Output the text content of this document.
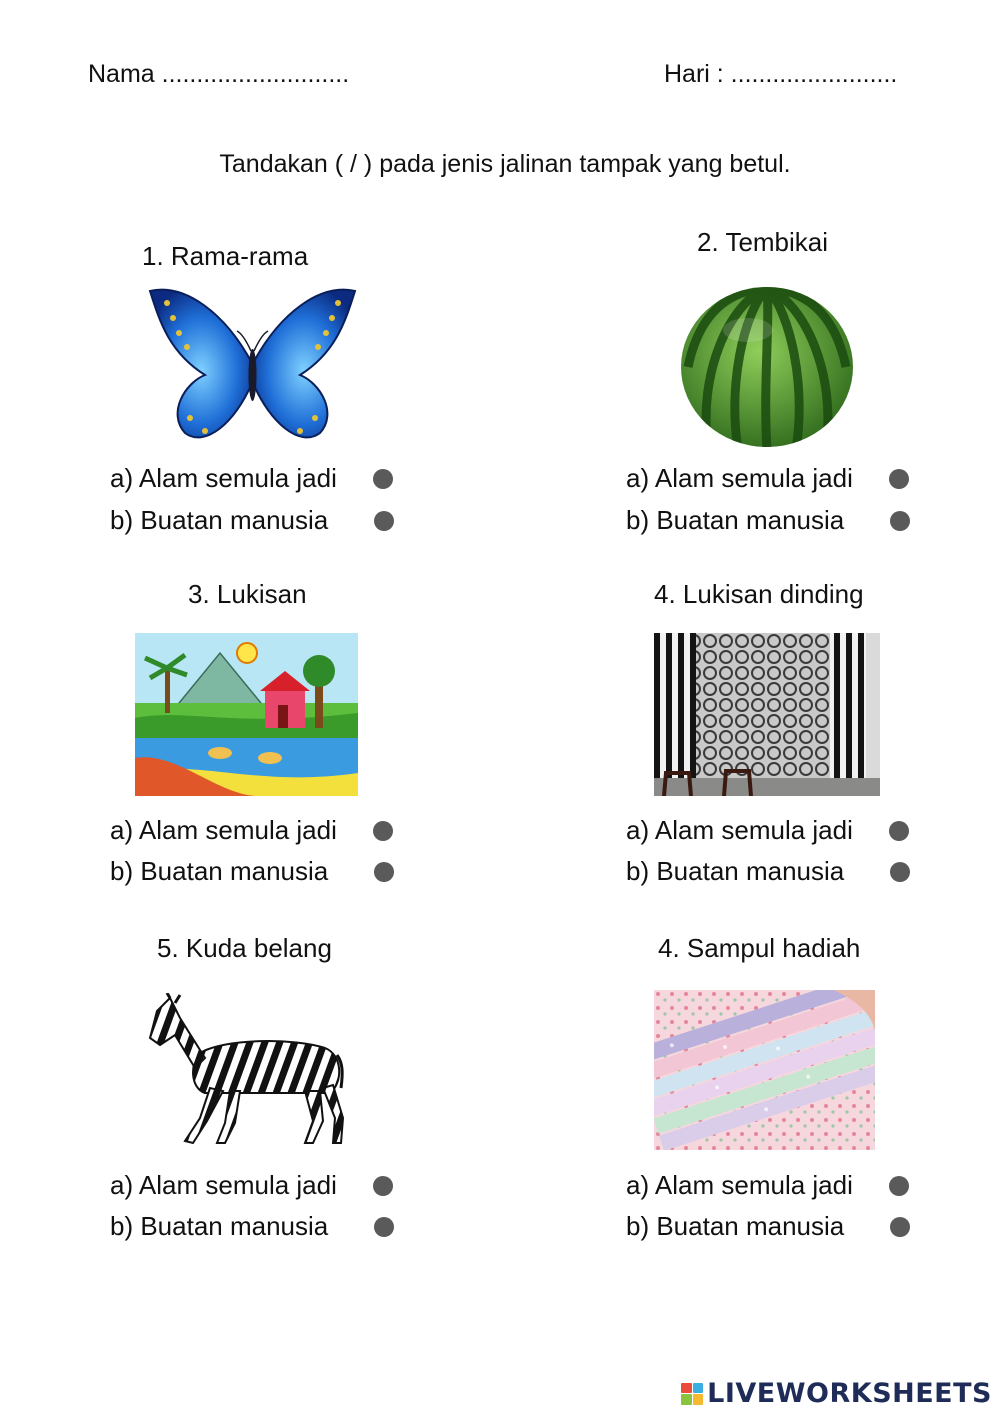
Nama ...........................	Hari : ........................
Tandakan ( / ) pada jenis jalinan tampak yang betul.
1. Rama-rama
a) Alam semula jadi
b) Buatan manusia
2. Tembikai
a) Alam semula jadi
b) Buatan manusia
3. Lukisan
a) Alam semula jadi
b) Buatan manusia
4. Lukisan dinding
a) Alam semula jadi
b) Buatan manusia
5. Kuda belang
a) Alam semula jadi
b) Buatan manusia
4. Sampul hadiah
a) Alam semula jadi
b) Buatan manusia
LIVEWORKSHEETS
